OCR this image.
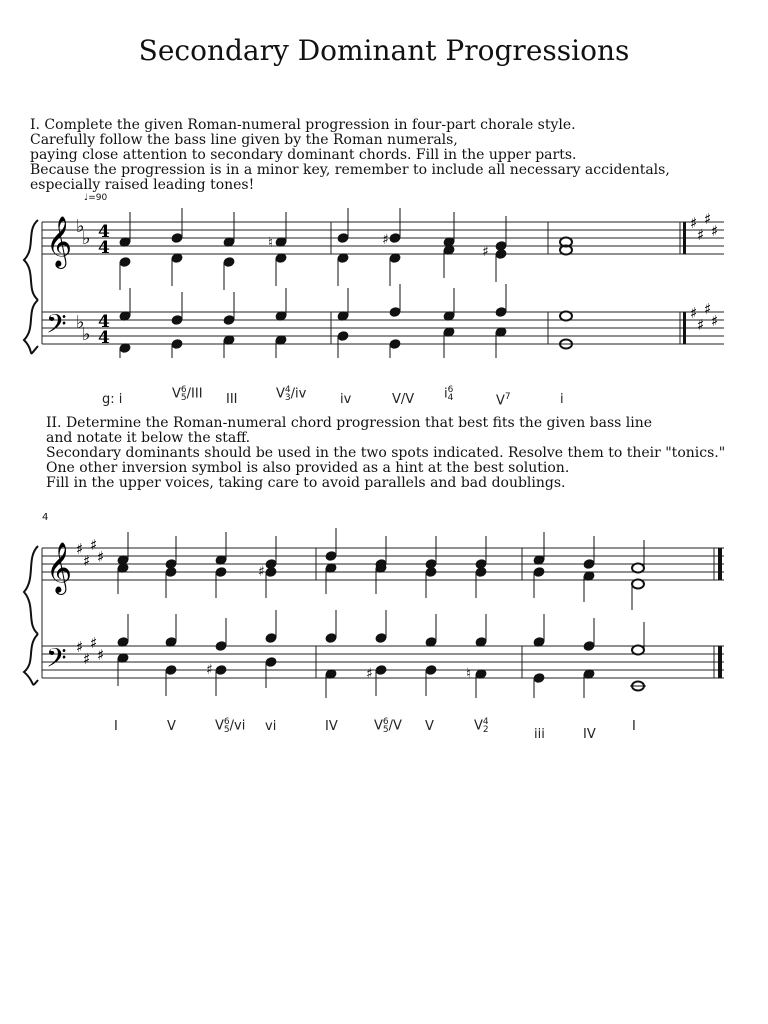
Secondary Dominant Progressions
I. Complete the given Roman-numeral progression in four-part chorale style.
Carefully follow the bass line given by the Roman numerals,
paying close attention to secondary dominant chords. Fill in the upper parts.
Because the progression is in a minor key, remember to include all necessary accidentals,
especially raised leading tones!
♩=90
𝄞
𝄢
♭
♭
♭
♭
4
4
4
4
♯
♯
♯
♯
♯
♯
♯
♯
♮	♯
♯
g: i	V6
5/III III	V4
3/iv	iv	V/V i6
4	$V^7$	i
II. Determine the Roman-numeral chord progression that best fits the given bass line
and notate it below the staff.
Secondary dominants should be used in the two spots indicated. Resolve them to their "tonics."
One other inversion symbol is also provided as a hint at the best solution.
Fill in the upper voices, taking care to avoid parallels and bad doublings.
4
𝄞
𝄢
♯
♯
♯
♯
♯
♯
♯
♯
♯
♯	♯	♮
I	V	V6
5/vi vi	IV	V6
5/V V	V4
2	iii	IV
I
